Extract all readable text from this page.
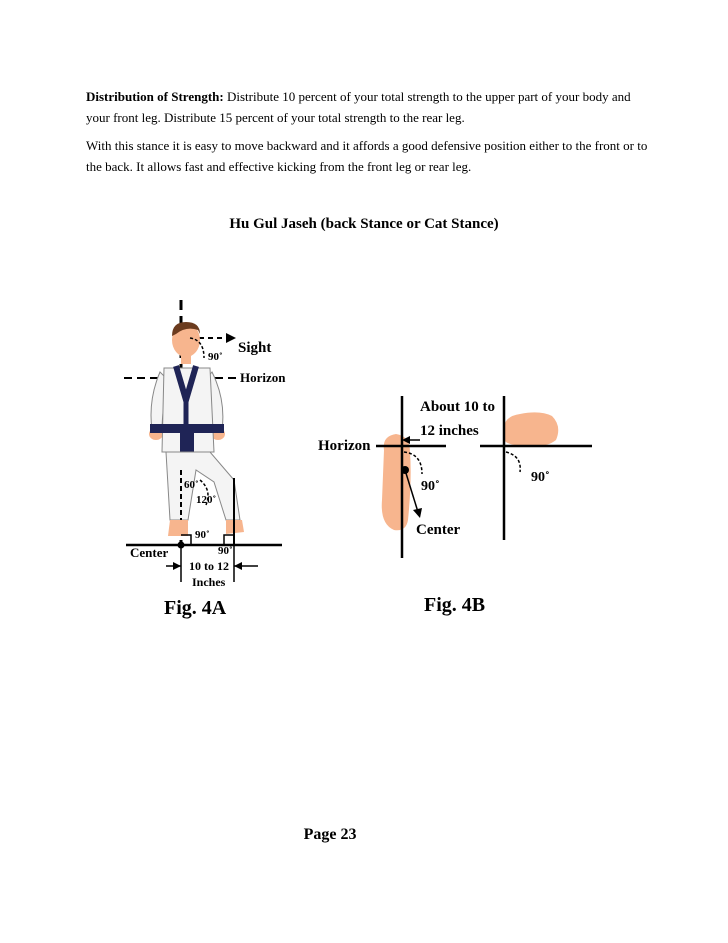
Distribution of Strength: Distribute 10 percent of your total strength to the upper part of your body and your front leg. Distribute 15 percent of your total strength to the rear leg.

With this stance it is easy to move backward and it affords a good defensive position either to the front or to the back. It allows fast and effective kicking from the front leg or rear leg.

Hu Gul Jaseh (back Stance or Cat Stance)
Sight
90˚
Horizon
60˚
120˚
90˚
90˚
Center
10 to 12
Inches
Fig. 4A
About 10 to
12 inches
Horizon
90˚
90˚
Center
Fig. 4B
Page 23
